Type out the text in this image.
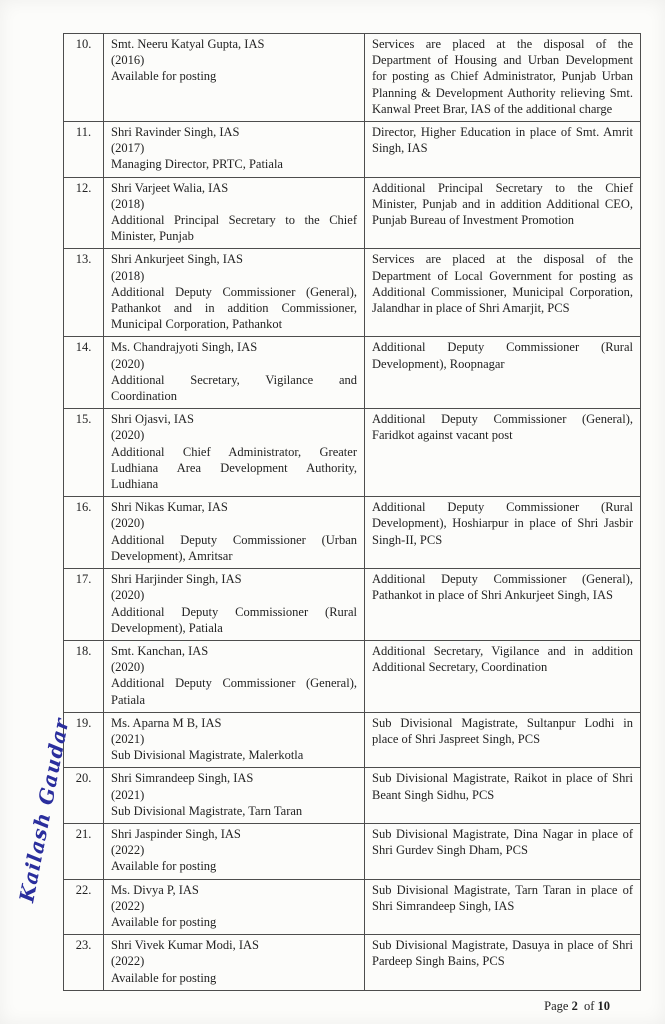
10.	Smt. Neeru Katyal Gupta, IAS
(2016)
Available for posting
	Services are placed at the disposal of the Department of Housing and Urban Development for posting as Chief Administrator, Punjab Urban Planning & Development Authority relieving Smt. Kanwal Preet Brar, IAS of the additional charge
11.	Shri Ravinder Singh, IAS
(2017)
Managing Director, PRTC, Patiala	Director, Higher Education in place of Smt. Amrit Singh, IAS
12.	Shri Varjeet Walia, IAS
(2018)
Additional Principal Secretary to the Chief Minister, Punjab	Additional Principal Secretary to the Chief Minister, Punjab and in addition Additional CEO, Punjab Bureau of Investment Promotion
13.	Shri Ankurjeet Singh, IAS
(2018)
Additional Deputy Commissioner (General), Pathankot and in addition Commissioner, Municipal Corporation, Pathankot	Services are placed at the disposal of the Department of Local Government for posting as Additional Commissioner, Municipal Corporation, Jalandhar in place of Shri Amarjit, PCS
14.	Ms. Chandrajyoti Singh, IAS
(2020)
Additional Secretary, Vigilance and Coordination	Additional Deputy Commissioner (Rural Development), Roopnagar
15.	Shri Ojasvi, IAS
(2020)
Additional Chief Administrator, Greater Ludhiana Area Development Authority, Ludhiana	Additional Deputy Commissioner (General), Faridkot against vacant post
16.	Shri Nikas Kumar, IAS
(2020)
Additional Deputy Commissioner (Urban Development), Amritsar	Additional Deputy Commissioner (Rural Development), Hoshiarpur in place of Shri Jasbir Singh-II, PCS
17.	Shri Harjinder Singh, IAS
(2020)
Additional Deputy Commissioner (Rural Development), Patiala	Additional Deputy Commissioner (General), Pathankot in place of Shri Ankurjeet Singh, IAS
18.	Smt. Kanchan, IAS
(2020)
Additional Deputy Commissioner (General), Patiala	Additional Secretary, Vigilance and in addition Additional Secretary, Coordination
19.	Ms. Aparna M B, IAS
(2021)
Sub Divisional Magistrate, Malerkotla	Sub Divisional Magistrate, Sultanpur Lodhi in place of Shri Jaspreet Singh, PCS
20.	Shri Simrandeep Singh, IAS
(2021)
Sub Divisional Magistrate, Tarn Taran	Sub Divisional Magistrate, Raikot in place of Shri Beant Singh Sidhu, PCS
21.	Shri Jaspinder Singh, IAS
(2022)
Available for posting	Sub Divisional Magistrate, Dina Nagar in place of Shri Gurdev Singh Dham, PCS
22.	Ms. Divya P, IAS
(2022)
Available for posting	Sub Divisional Magistrate, Tarn Taran in place of Shri Simrandeep Singh, IAS
23.	Shri Vivek Kumar Modi, IAS
(2022)
Available for posting	Sub Divisional Magistrate, Dasuya in place of Shri Pardeep Singh Bains, PCS
Kailash Gaudar
Page 2 of 10
